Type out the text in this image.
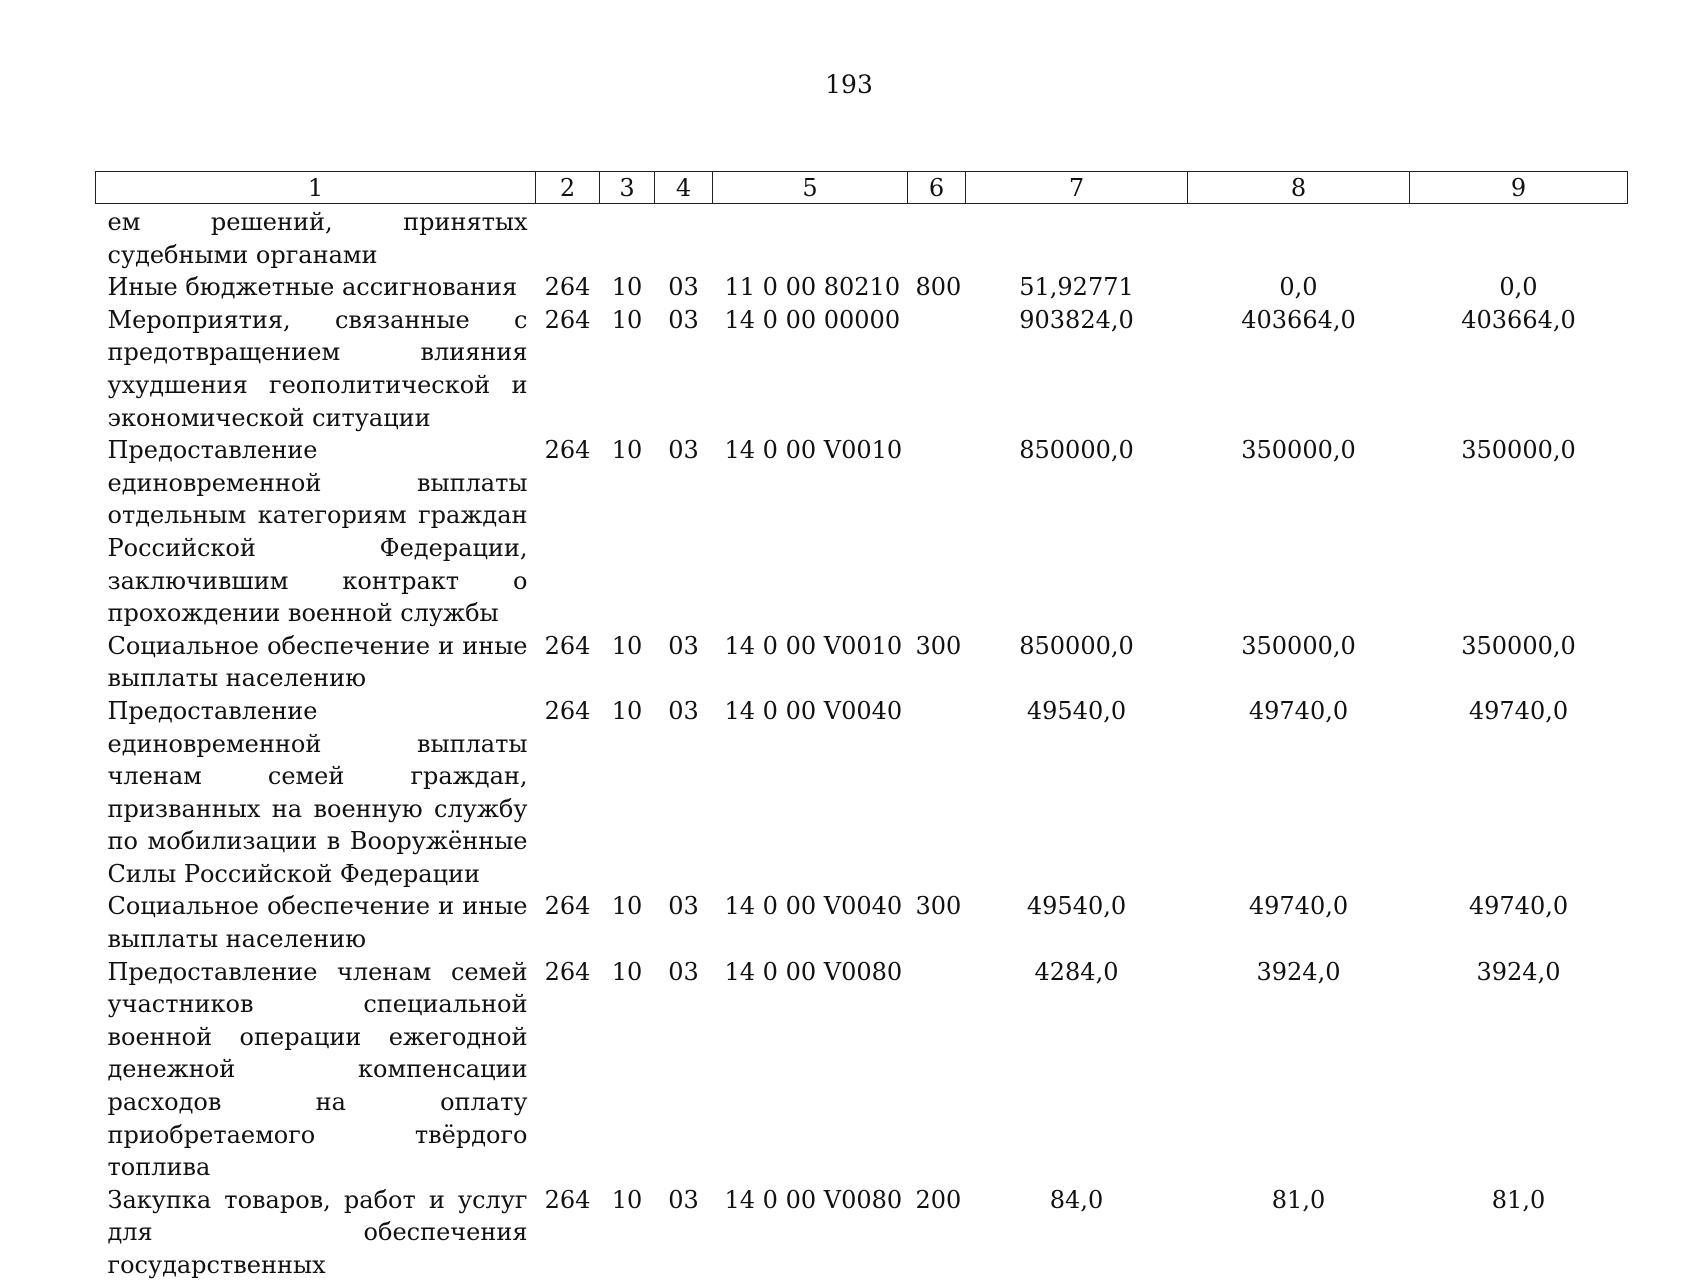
193
1	2	3	4	5	6	7	8	9
ем решений, принятых судебными органами								
Иные бюджетные ассигнования	264	10	03	11 0 00 80210	800	51,92771	0,0	0,0
Мероприятия, связанные с предотвращением влияния ухудшения геополитической и экономической ситуации	264	10	03	14 0 00 00000		903824,0	403664,0	403664,0
Предоставление единовременной выплаты отдельным категориям граждан Российской Федерации, заключившим контракт о прохождении военной службы	264	10	03	14 0 00 V0010		850000,0	350000,0	350000,0
Социальное обеспечение и иные выплаты населению	264	10	03	14 0 00 V0010	300	850000,0	350000,0	350000,0
Предоставление единовременной выплаты членам семей граждан, призванных на военную службу по мобилизации в Вооружённые Силы Российской Федерации	264	10	03	14 0 00 V0040		49540,0	49740,0	49740,0
Социальное обеспечение и иные выплаты населению	264	10	03	14 0 00 V0040	300	49540,0	49740,0	49740,0
Предоставление членам семей участников специальной военной операции ежегодной денежной компенсации расходов на оплату приобретаемого твёрдого топлива	264	10	03	14 0 00 V0080		4284,0	3924,0	3924,0
Закупка товаров, работ и услуг для обеспечения государственных	264	10	03	14 0 00 V0080	200	84,0	81,0	81,0
